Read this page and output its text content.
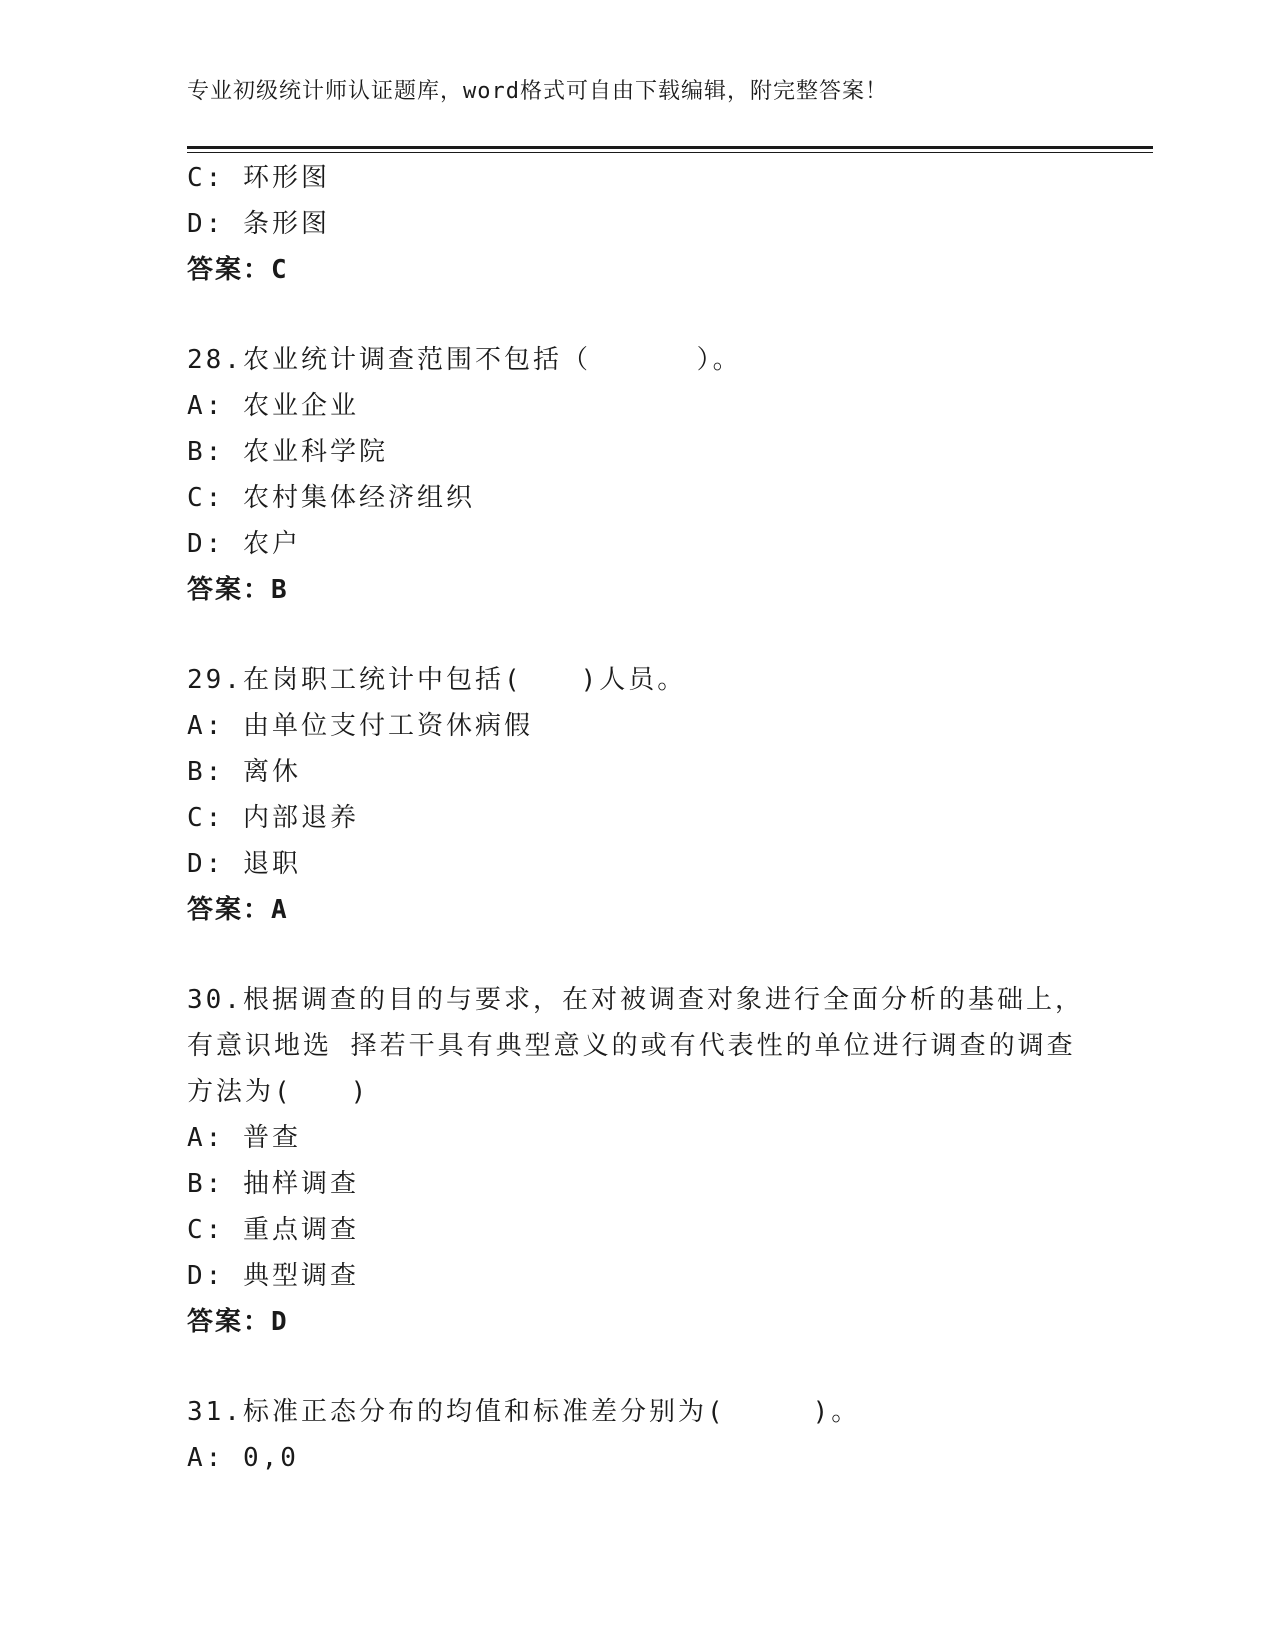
专业初级统计师认证题库，word格式可自由下载编辑，附完整答案！
C: 环形图
D: 条形图
答案：C
28.农业统计调查范围不包括（　　　 ）。
A: 农业企业
B: 农业科学院
C: 农村集体经济组织
D: 农户
答案：B
29.在岗职工统计中包括(　　)人员。
A: 由单位支付工资休病假
B: 离休
C: 内部退养
D: 退职
答案：A
30.根据调查的目的与要求，在对被调查对象进行全面分析的基础上，
有意识地选 择若干具有典型意义的或有代表性的单位进行调查的调查
方法为(　　)
A: 普查
B: 抽样调查
C: 重点调查
D: 典型调查
答案：D
31.标准正态分布的均值和标准差分别为(　　　)。
A: 0,0
